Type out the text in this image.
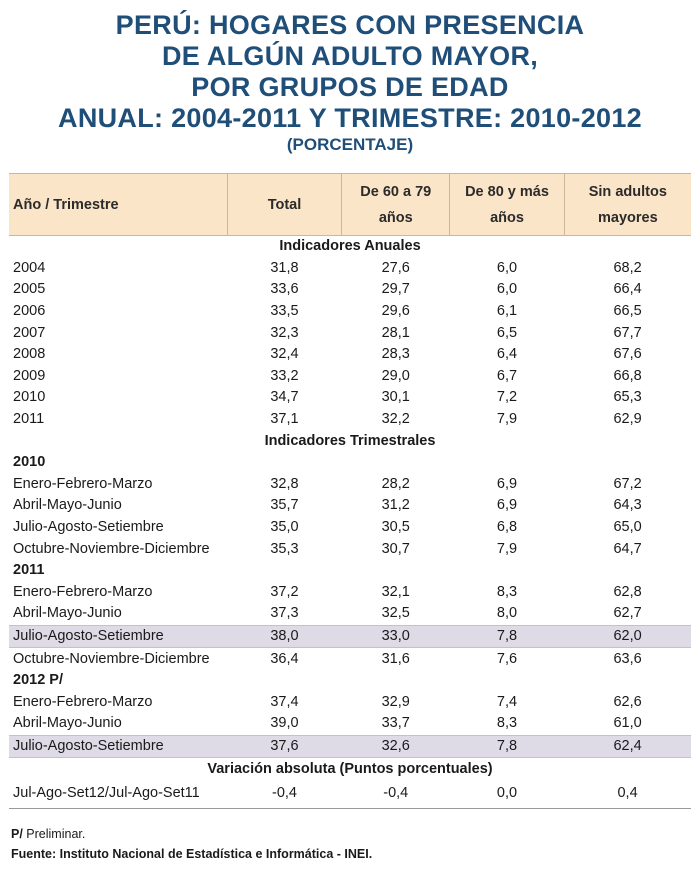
PERÚ: HOGARES CON PRESENCIA
DE ALGÚN ADULTO MAYOR,
POR GRUPOS DE EDAD
ANUAL: 2004-2011 Y TRIMESTRE: 2010-2012
(PORCENTAJE)
Año / Trimestre	Total	De 60 a 79 años	De 80 y más años	Sin adultos mayores
Indicadores Anuales				
2004	31,8	27,6	6,0	68,2
2005	33,6	29,7	6,0	66,4
2006	33,5	29,6	6,1	66,5
2007	32,3	28,1	6,5	67,7
2008	32,4	28,3	6,4	67,6
2009	33,2	29,0	6,7	66,8
2010	34,7	30,1	7,2	65,3
2011	37,1	32,2	7,9	62,9
Indicadores Trimestrales				
2010				
Enero-Febrero-Marzo	32,8	28,2	6,9	67,2
Abril-Mayo-Junio	35,7	31,2	6,9	64,3
Julio-Agosto-Setiembre	35,0	30,5	6,8	65,0
Octubre-Noviembre-Diciembre	35,3	30,7	7,9	64,7
2011				
Enero-Febrero-Marzo	37,2	32,1	8,3	62,8
Abril-Mayo-Junio	37,3	32,5	8,0	62,7
Julio-Agosto-Setiembre	38,0	33,0	7,8	62,0
Octubre-Noviembre-Diciembre	36,4	31,6	7,6	63,6
2012 P/				
Enero-Febrero-Marzo	37,4	32,9	7,4	62,6
Abril-Mayo-Junio	39,0	33,7	8,3	61,0
Julio-Agosto-Setiembre	37,6	32,6	7,8	62,4
Variación absoluta (Puntos porcentuales)				
Jul-Ago-Set12/Jul-Ago-Set11	-0,4	-0,4	0,0	0,4
P/ Preliminar.
Fuente: Instituto Nacional de Estadística e Informática - INEI.
